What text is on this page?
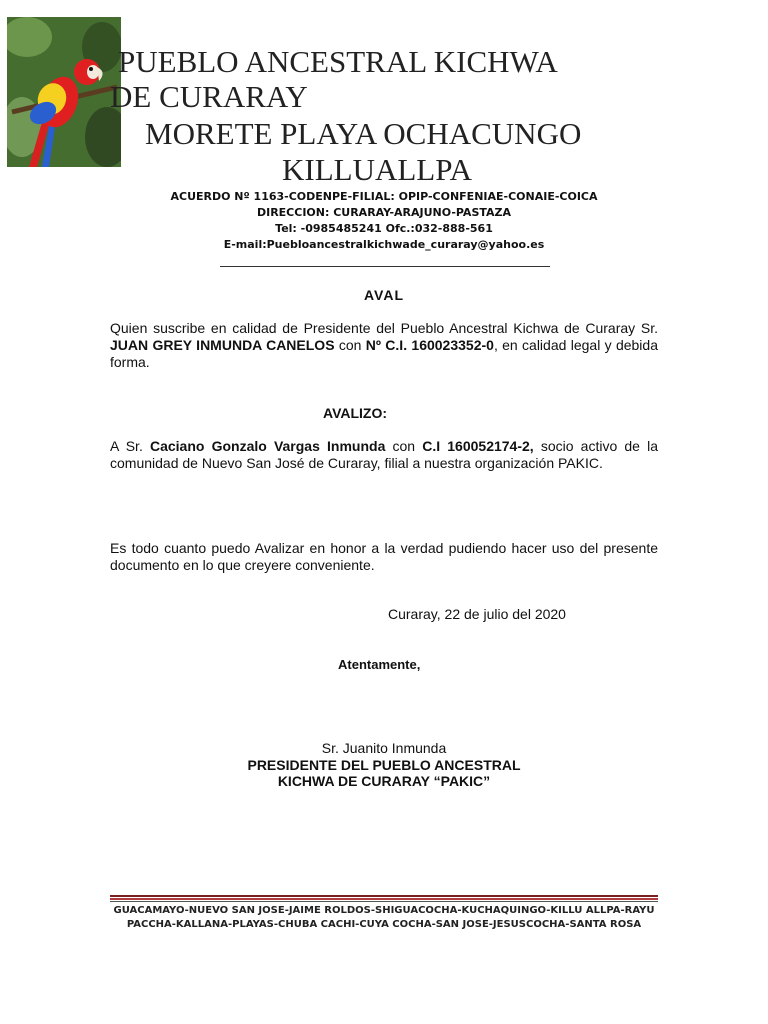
PUEBLO ANCESTRAL KICHWA
DE CURARAY
MORETE PLAYA OCHACUNGO
KILLUALLPA
ACUERDO Nº 1163-CODENPE-FILIAL: OPIP-CONFENIAE-CONAIE-COICA
DIRECCION: CURARAY-ARAJUNO-PASTAZA
Tel: -0985485241 Ofc.:032-888-561
E-mail:Puebloancestralkichwade_curaray@yahoo.es
AVAL
Quien suscribe en calidad de Presidente del Pueblo Ancestral Kichwa de Curaray Sr. JUAN GREY INMUNDA CANELOS con Nº C.I. 160023352-0, en calidad legal y debida forma.
AVALIZO:
A Sr. Caciano Gonzalo Vargas Inmunda con C.I 160052174-2, socio activo de la comunidad de Nuevo San José de Curaray, filial a nuestra organización PAKIC.
Es todo cuanto puedo Avalizar en honor a la verdad pudiendo hacer uso del presente documento en lo que creyere conveniente.
Curaray, 22 de julio del 2020
Atentamente,
Sr. Juanito Inmunda
PRESIDENTE DEL PUEBLO ANCESTRAL
KICHWA DE CURARAY “PAKIC”
GUACAMAYO-NUEVO SAN JOSE-JAIME ROLDOS-SHIGUACOCHA-KUCHAQUINGO-KILLU ALLPA-RAYU
PACCHA-KALLANA-PLAYAS-CHUBA CACHI-CUYA COCHA-SAN JOSE-JESUSCOCHA-SANTA ROSA
